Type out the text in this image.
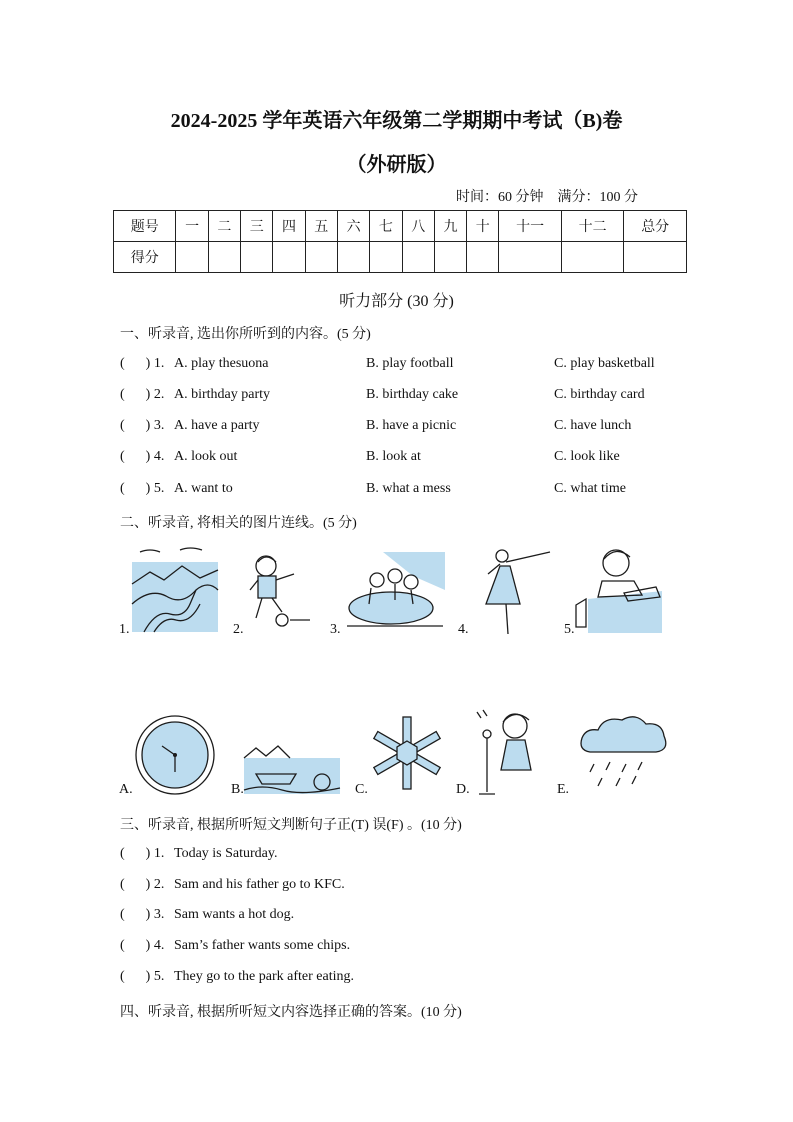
2024-2025 学年英语六年级第二学期期中考试（B)卷
（外研版）
时间：60 分钟    满分：100 分
题号	一	二	三	四	五	六	七	八	九	十	十一	十二	总分
得分													
听力部分 (30 分)
一、听录音, 选出你所听到的内容。(5 分)
(      ) 1. A. play thesuona	B. play football	C. play basketball
(      ) 2. A. birthday party	B. birthday cake	C. birthday card
(      ) 3. A. have a party	B. have a picnic	C. have lunch
(      ) 4. A. look out	B. look at	C. look like
(      ) 5. A. want to	B. what a mess	C. what time
二、听录音, 将相关的图片连线。(5 分)
1.	2.	3.	4.	5.
A.	B.	C.	D.	E.
三、听录音, 根据所听短文判断句子正(T) 误(F) 。(10 分)
(      ) 1. Today is Saturday.
(      ) 2. Sam and his father go to KFC.
(      ) 3. Sam wants a hot dog.
(      ) 4. Sam’s father wants some chips.
(      ) 5. They go to the park after eating.
四、听录音, 根据所听短文内容选择正确的答案。(10 分)
